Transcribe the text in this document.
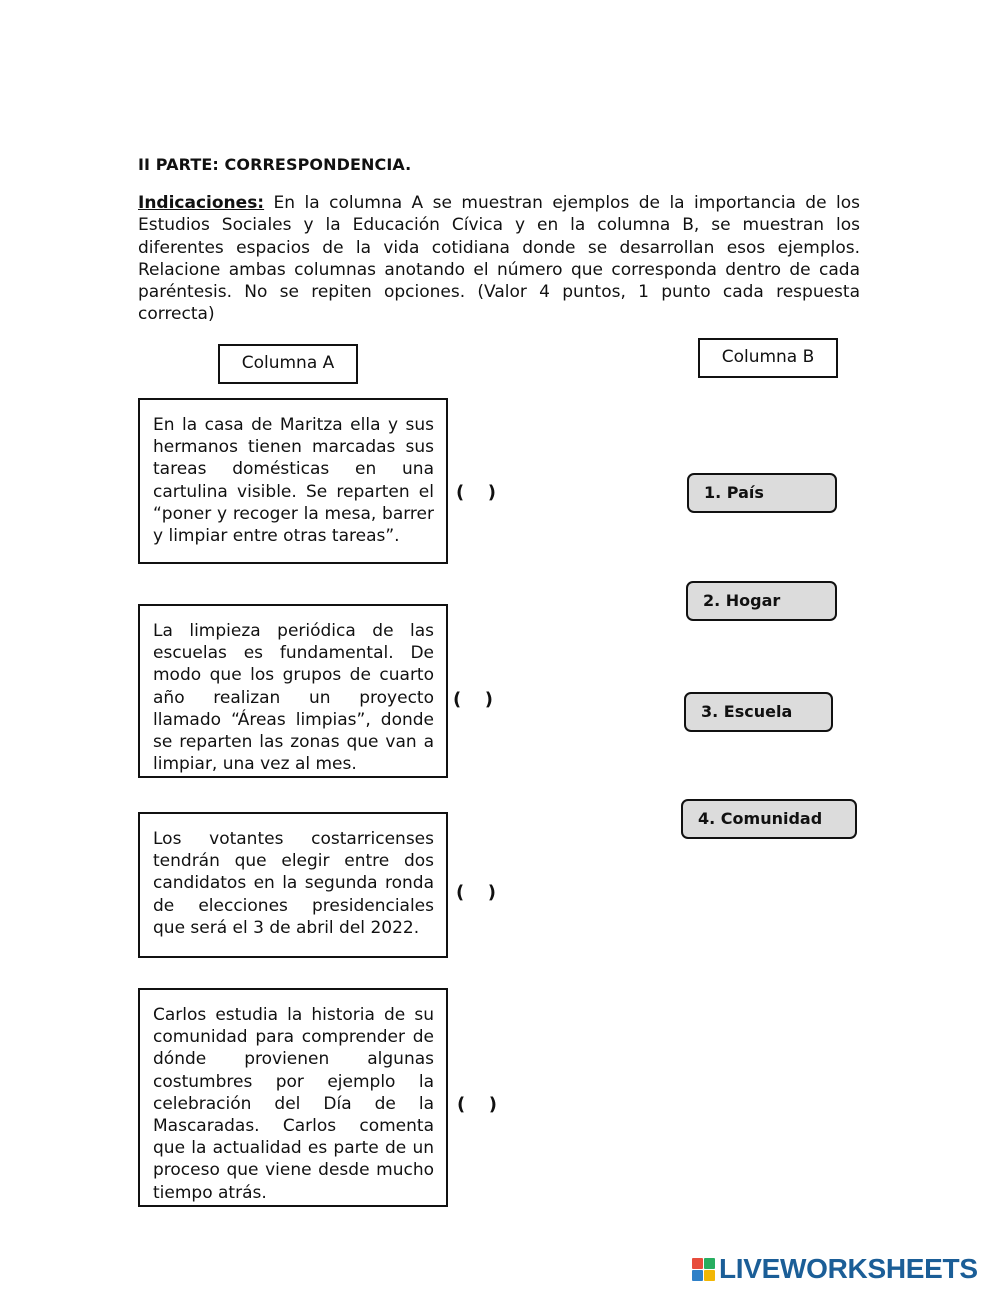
II PARTE: CORRESPONDENCIA.
Indicaciones: En la columna A se muestran ejemplos de la importancia de los Estudios Sociales y la Educación Cívica y en la columna B, se muestran los diferentes espacios de la vida cotidiana donde se desarrollan esos ejemplos. Relacione ambas columnas anotando el número que corresponda dentro de cada paréntesis. No se repiten opciones. (Valor 4 puntos, 1 punto cada respuesta correcta)
Columna A	Columna B
En la casa de Maritza ella y sus hermanos tienen marcadas sus tareas domésticas en una cartulina visible. Se reparten el “poner y recoger la mesa, barrer y limpiar entre otras tareas”.
La limpieza periódica de las escuelas es fundamental. De modo que los grupos de cuarto año realizan un proyecto llamado “Áreas limpias”, donde se reparten las zonas que van a limpiar, una vez al mes.
Los votantes costarricenses tendrán que elegir entre dos candidatos en la segunda ronda de elecciones presidenciales que será el 3 de abril del 2022.
Carlos estudia la historia de su comunidad para comprender de dónde provienen algunas costumbres por ejemplo la celebración del Día de la Mascaradas. Carlos comenta que la actualidad es parte de un proceso que viene desde mucho tiempo atrás.
( )
( )
( )
( )
1. País
2. Hogar
3. Escuela
4. Comunidad
LIVEWORKSHEETS
